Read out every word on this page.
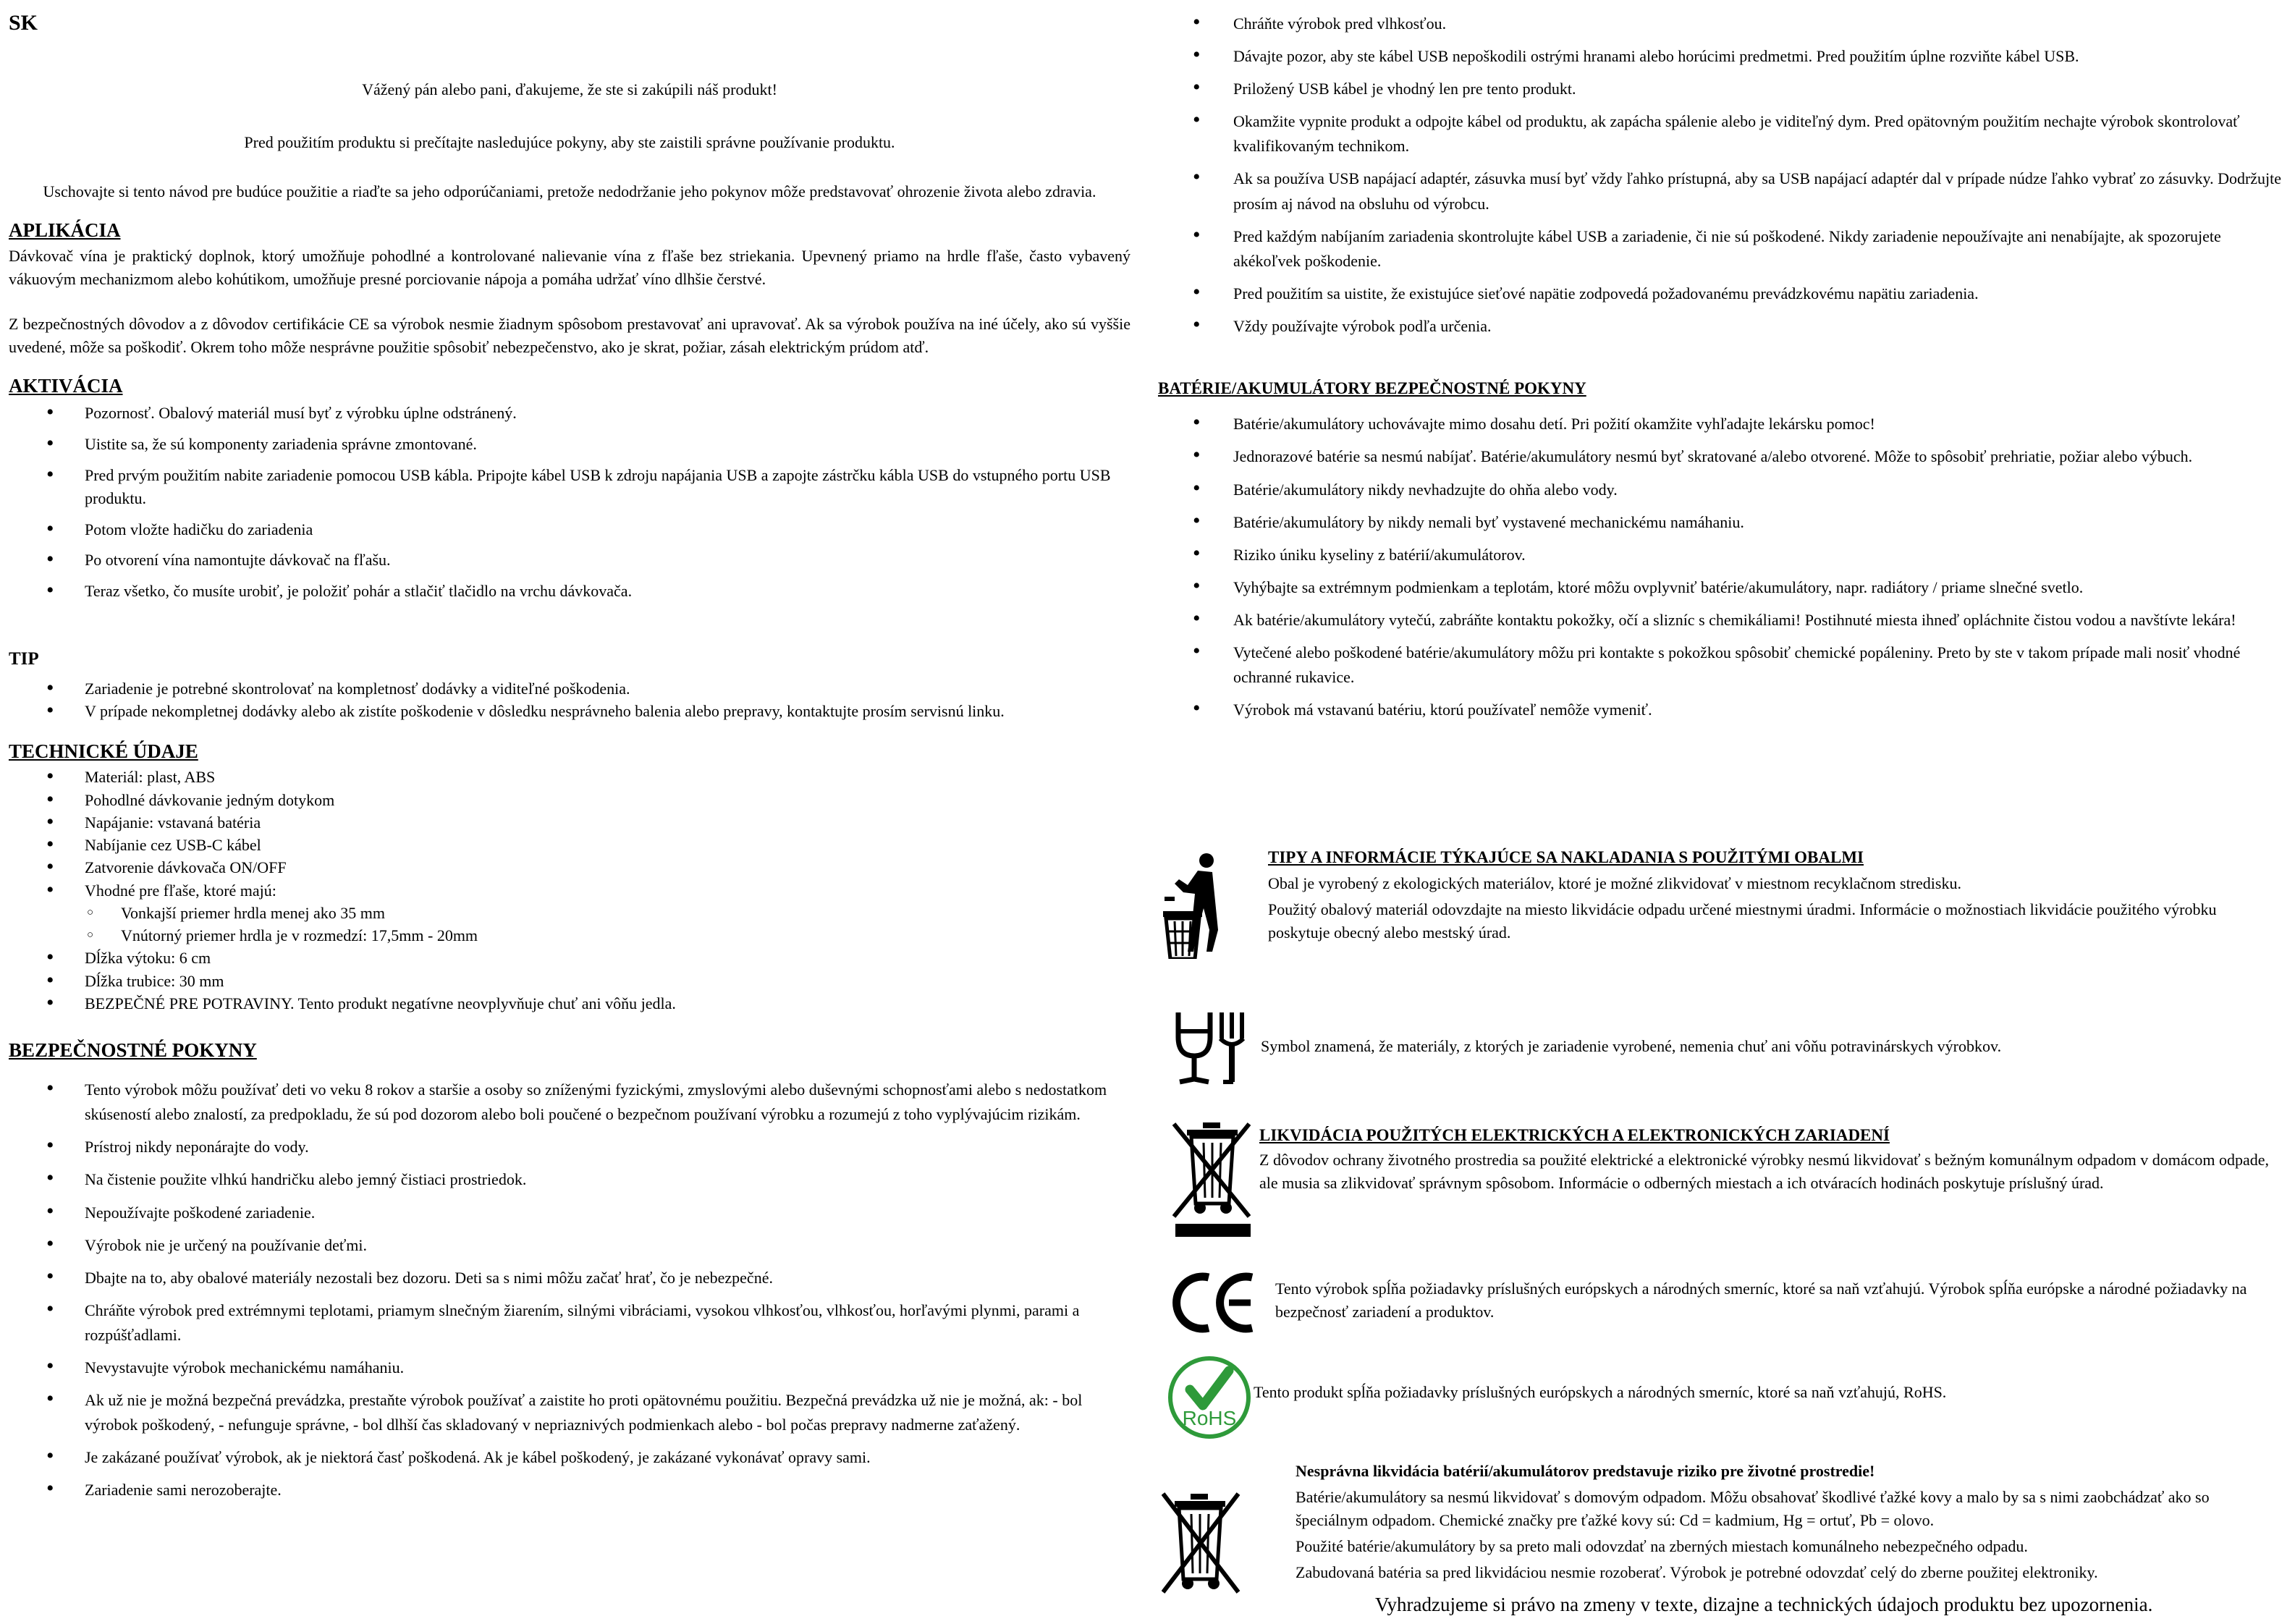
SK

Vážený pán alebo pani, ďakujeme, že ste si zakúpili náš produkt!

Pred použitím produktu si prečítajte nasledujúce pokyny, aby ste zaistili správne používanie produktu.

Uschovajte si tento návod pre budúce použitie a riaďte sa jeho odporúčaniami, pretože nedodržanie jeho pokynov môže predstavovať ohrozenie života alebo zdravia.

APLIKÁCIA

Dávkovač vína je praktický doplnok, ktorý umožňuje pohodlné a kontrolované nalievanie vína z fľaše bez striekania. Upevnený priamo na hrdle fľaše, často vybavený vákuovým mechanizmom alebo kohútikom, umožňuje presné porciovanie nápoja a pomáha udržať víno dlhšie čerstvé.

Z bezpečnostných dôvodov a z dôvodov certifikácie CE sa výrobok nesmie žiadnym spôsobom prestavovať ani upravovať. Ak sa výrobok používa na iné účely, ako sú vyššie uvedené, môže sa poškodiť. Okrem toho môže nesprávne použitie spôsobiť nebezpečenstvo, ako je skrat, požiar, zásah elektrickým prúdom atď.

AKTIVÁCIA
• Pozornosť. Obalový materiál musí byť z výrobku úplne odstránený.
• Uistite sa, že sú komponenty zariadenia správne zmontované.
• Pred prvým použitím nabite zariadenie pomocou USB kábla. Pripojte kábel USB k zdroju napájania USB a zapojte zástrčku kábla USB do vstupného portu USB produktu.
• Potom vložte hadičku do zariadenia
• Po otvorení vína namontujte dávkovač na fľašu.
• Teraz všetko, čo musíte urobiť, je položiť pohár a stlačiť tlačidlo na vrchu dávkovača.

TIP

• Zariadenie je potrebné skontrolovať na kompletnosť dodávky a viditeľné poškodenia.
• V prípade nekompletnej dodávky alebo ak zistíte poškodenie v dôsledku nesprávneho balenia alebo prepravy, kontaktujte prosím servisnú linku.
TECHNICKÉ ÚDAJE
• Materiál: plast, ABS
• Pohodlné dávkovanie jedným dotykom
• Napájanie: vstavaná batéria
• Nabíjanie cez USB-C kábel
• Zatvorenie dávkovača ON/OFF
• Vhodné pre fľaše, ktoré majú:
○ Vonkajší priemer hrdla menej ako 35 mm
○ Vnútorný priemer hrdla je v rozmedzí: 17,5mm - 20mm
• Dĺžka výtoku: 6 cm
• Dĺžka trubice: 30 mm
• BEZPEČNÉ PRE POTRAVINY. Tento produkt negatívne neovplyvňuje chuť ani vôňu jedla.
BEZPEČNOSTNÉ POKYNY
• Tento výrobok môžu používať deti vo veku 8 rokov a staršie a osoby so zníženými fyzickými, zmyslovými alebo duševnými schopnosťami alebo s nedostatkom skúseností alebo znalostí, za predpokladu, že sú pod dozorom alebo boli poučené o bezpečnom používaní výrobku a rozumejú z toho vyplývajúcim rizikám.
• Prístroj nikdy neponárajte do vody.
• Na čistenie použite vlhkú handričku alebo jemný čistiaci prostriedok.
• Nepoužívajte poškodené zariadenie.
• Výrobok nie je určený na používanie deťmi.
• Dbajte na to, aby obalové materiály nezostali bez dozoru. Deti sa s nimi môžu začať hrať, čo je nebezpečné.
• Chráňte výrobok pred extrémnymi teplotami, priamym slnečným žiarením, silnými vibráciami, vysokou vlhkosťou, vlhkosťou, horľavými plynmi, parami a rozpúšťadlami.
• Nevystavujte výrobok mechanickému namáhaniu.
• Ak už nie je možná bezpečná prevádzka, prestaňte výrobok používať a zaistite ho proti opätovnému použitiu. Bezpečná prevádzka už nie je možná, ak: - bol výrobok poškodený, - nefunguje správne, - bol dlhší čas skladovaný v nepriaznivých podmienkach alebo - bol počas prepravy nadmerne zaťažený.
• Je zakázané používať výrobok, ak je niektorá časť poškodená. Ak je kábel poškodený, je zakázané vykonávať opravy sami.
• Zariadenie sami nerozoberajte.
• Chráňte výrobok pred vlhkosťou.
• Dávajte pozor, aby ste kábel USB nepoškodili ostrými hranami alebo horúcimi predmetmi. Pred použitím úplne rozviňte kábel USB.
• Priložený USB kábel je vhodný len pre tento produkt.
• Okamžite vypnite produkt a odpojte kábel od produktu, ak zapácha spálenie alebo je viditeľný dym. Pred opätovným použitím nechajte výrobok skontrolovať kvalifikovaným technikom.
• Ak sa používa USB napájací adaptér, zásuvka musí byť vždy ľahko prístupná, aby sa USB napájací adaptér dal v prípade núdze ľahko vybrať zo zásuvky. Dodržujte prosím aj návod na obsluhu od výrobcu.
• Pred každým nabíjaním zariadenia skontrolujte kábel USB a zariadenie, či nie sú poškodené. Nikdy zariadenie nepoužívajte ani nenabíjajte, ak spozorujete akékoľvek poškodenie.
• Pred použitím sa uistite, že existujúce sieťové napätie zodpovedá požadovanému prevádzkovému napätiu zariadenia.
• Vždy používajte výrobok podľa určenia.

BATÉRIE/AKUMULÁTORY BEZPEČNOSTNÉ POKYNY

• Batérie/akumulátory uchovávajte mimo dosahu detí. Pri požití okamžite vyhľadajte lekársku pomoc!
• Jednorazové batérie sa nesmú nabíjať. Batérie/akumulátory nesmú byť skratované a/alebo otvorené. Môže to spôsobiť prehriatie, požiar alebo výbuch.
• Batérie/akumulátory nikdy nevhadzujte do ohňa alebo vody.
• Batérie/akumulátory by nikdy nemali byť vystavené mechanickému namáhaniu.
• Riziko úniku kyseliny z batérií/akumulátorov.
• Vyhýbajte sa extrémnym podmienkam a teplotám, ktoré môžu ovplyvniť batérie/akumulátory, napr. radiátory / priame slnečné svetlo.
• Ak batérie/akumulátory vytečú, zabráňte kontaktu pokožky, očí a slizníc s chemikáliami! Postihnuté miesta ihneď opláchnite čistou vodou a navštívte lekára!
• Vytečené alebo poškodené batérie/akumulátory môžu pri kontakte s pokožkou spôsobiť chemické popáleniny. Preto by ste v takom prípade mali nosiť vhodné ochranné rukavice.
• Výrobok má vstavanú batériu, ktorú používateľ nemôže vymeniť.

TIPY A INFORMÁCIE TÝKAJÚCE SA NAKLADANIA S POUŽITÝMI OBALMI

Obal je vyrobený z ekologických materiálov, ktoré je možné zlikvidovať v miestnom recyklačnom stredisku.

Použitý obalový materiál odovzdajte na miesto likvidácie odpadu určené miestnymi úradmi. Informácie o možnostiach likvidácie použitého výrobku poskytuje obecný alebo mestský úrad.

Symbol znamená, že materiály, z ktorých je zariadenie vyrobené, nemenia chuť ani vôňu potravinárskych výrobkov.

LIKVIDÁCIA POUŽITÝCH ELEKTRICKÝCH A ELEKTRONICKÝCH ZARIADENÍ

Z dôvodov ochrany životného prostredia sa použité elektrické a elektronické výrobky nesmú likvidovať s bežným komunálnym odpadom v domácom odpade, ale musia sa zlikvidovať správnym spôsobom. Informácie o odberných miestach a ich otváracích hodinách poskytuje príslušný úrad.

Tento výrobok spĺňa požiadavky príslušných európskych a národných smerníc, ktoré sa naň vzťahujú. Výrobok spĺňa európske a národné požiadavky na bezpečnosť zariadení a produktov.

RoHS

Tento produkt spĺňa požiadavky príslušných európskych a národných smerníc, ktoré sa naň vzťahujú, RoHS.

Nesprávna likvidácia batérií/akumulátorov predstavuje riziko pre životné prostredie!

Batérie/akumulátory sa nesmú likvidovať s domovým odpadom. Môžu obsahovať škodlivé ťažké kovy a malo by sa s nimi zaobchádzať ako so špeciálnym odpadom. Chemické značky pre ťažké kovy sú: Cd = kadmium, Hg = ortuť, Pb = olovo.

Použité batérie/akumulátory by sa preto mali odovzdať na zberných miestach komunálneho nebezpečného odpadu.

Zabudovaná batéria sa pred likvidáciou nesmie rozoberať. Výrobok je potrebné odovzdať celý do zberne použitej elektroniky.

Vyhradzujeme si právo na zmeny v texte, dizajne a technických údajoch produktu bez upozornenia.
